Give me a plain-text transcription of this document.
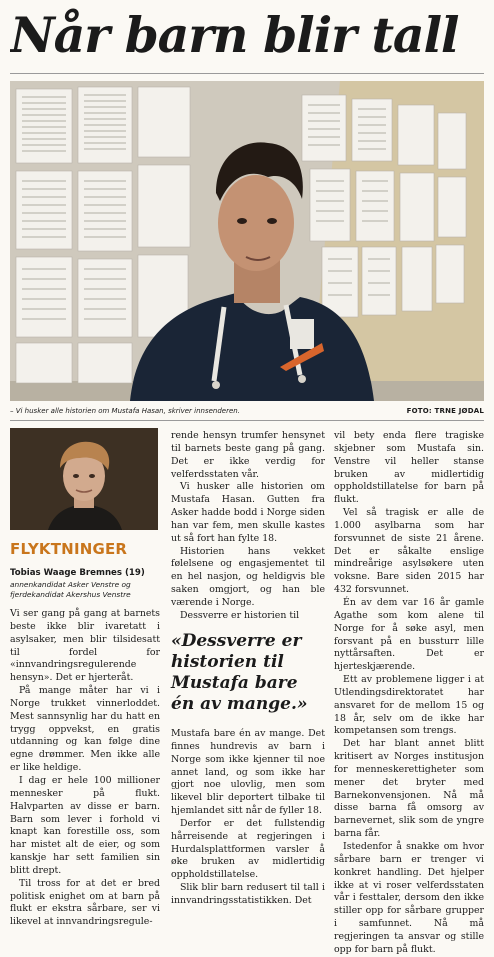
Når barn blir tall
– Vi husker alle historien om Mustafa Hasan, skriver innsenderen.	FOTO: TRNE JØDAL
FLYKTNINGER
Tobias Waage Bremnes (19)
annenkandidat Asker Venstre og fjerdekandidat Akershus Venstre

Vi ser gang på gang at barnets beste ikke blir ivaretatt i asylsaker, men blir tilsidesatt til fordel for «innvandringsregulerende hensyn». Det er hjerteråt.

På mange måter har vi i Norge trukket vinnerloddet. Mest sannsynlig har du hatt en trygg oppvekst, en gratis utdanning og kan følge dine egne drømmer. Men ikke alle er like heldige.

I dag er hele 100 millioner mennesker på flukt. Halvparten av disse er barn. Barn som lever i forhold vi knapt kan forestille oss, som har mistet alt de eier, og som kanskje har sett familien sin blitt drept.

Til tross for at det er bred politisk enighet om at barn på flukt er ekstra sårbare, ser vi likevel at innvandringsregule-

rende hensyn trumfer hensynet til barnets beste gang på gang. Det er ikke verdig for velferdsstaten vår.

Vi husker alle historien om Mustafa Hasan. Gutten fra Asker hadde bodd i Norge siden han var fem, men skulle kastes ut så fort han fylte 18.

Historien hans vekket følelsene og engasjementet til en hel nasjon, og heldigvis ble saken omgjort, og han ble værende i Norge.

Dessverre er historien til

«Dessverre er historien til Mustafa bare én av mange.»

Mustafa bare én av mange. Det finnes hundrevis av barn i Norge som ikke kjenner til noe annet land, og som ikke har gjort noe ulovlig, men som likevel blir deportert tilbake til hjemlandet sitt når de fyller 18.

Derfor er det fullstendig hårreisende at regjeringen i Hurdalsplattformen varsler å øke bruken av midlertidig oppholdstillatelse.

Slik blir barn redusert til tall i innvandringsstatistikken. Det

vil bety enda flere tragiske skjebner som Mustafa sin. Venstre vil heller stanse bruken av midlertidig oppholdstillatelse for barn på flukt.

Vel så tragisk er alle de 1.000 asylbarna som har forsvunnet de siste 21 årene. Det er såkalte enslige mindreårige asylsøkere uten voksne. Bare siden 2015 har 432 forsvunnet.

Én av dem var 16 år gamle Agathe som kom alene til Norge for å søke asyl, men forsvant på en bussturr lille nyttårsaften. Det er hjerteskjærende.

Ett av problemene ligger i at Utlendingsdirektoratet har ansvaret for de mellom 15 og 18 år, selv om de ikke har kompetansen som trengs.

Det har blant annet blitt kritisert av Norges institusjon for menneskerettigheter som mener det bryter med Barnekonvensjonen. Nå må disse barna få omsorg av barnevernet, slik som de yngre barna får.

Istedenfor å snakke om hvor sårbare barn er trenger vi konkret handling. Det hjelper ikke at vi roser velferdsstaten vår i festtaler, dersom den ikke stiller opp for sårbare grupper i samfunnet. Nå må regjeringen ta ansvar og stille opp for barn på flukt.
